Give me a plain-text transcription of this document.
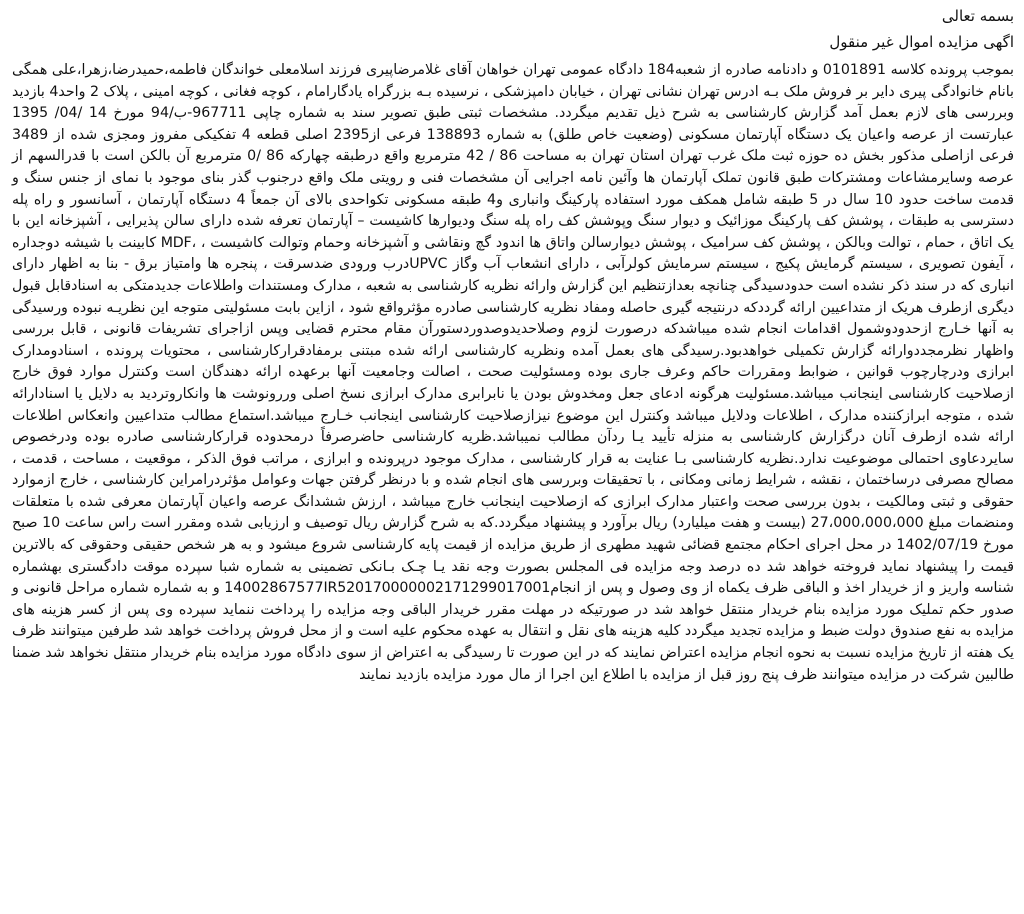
بسمه تعالی

اگهی مزایده اموال غیر منقول

بموجب پرونده کلاسه 0101891 و دادنامه صادره از شعبه184 دادگاه عمومی تهران خواهان آقای غلامرضاپیری فرزند اسلامعلی خواندگان فاطمه،حمیدرضا،زهرا،علی همگی بانام خانوادگی پیری دایر بر فروش ملک بـه ادرس تهران نشانی تهران ، خیابان دامپزشکی ، نرسیده بـه بزرگراه یادگارامام ، کوچه فغانی ، کوچه امینی ، پلاک 2 واحد4 بازدید وبررسی های لازم بعمل آمد گزارش کارشناسی به شرح ذیل تقدیم میگردد. مشخصات ثبتی طبق تصویر سند به شماره چاپی 967711-ب/94 مورخ 14 /04/ 1395 عبارتست از عرصه واعیان یک دستگاه آپارتمان مسکونی (وضعیت خاص طلق) به شماره 138893 فرعی از2395 اصلی قطعه 4 تفکیکی مفروز ومجزی شده از 3489 فرعی ازاصلی مذکور بخش ده حوزه ثبت ملک غرب تهران استان تهران به مساحت 86 / 42 مترمربع واقع درطبقه چهارکه 86 /0 مترمربع آن بالکن است با قدرالسهم از عرصه وسایرمشاعات ومشترکات طبق قانون تملک آپارتمان ها وآئین نامه اجرایی آن مشخصات فنی و رویتی ملک واقع درجنوب گذر بنای موجود با نمای از جنس سنگ و قدمت ساخت حدود 10 سال در 5 طبقه شامل همکف مورد استفاده پارکینگ وانباری و4 طبقه مسکونی تکواحدی بالای آن جمعاً 4 دستگاه آپارتمان ، آسانسور و راه پله دسترسی به طبقات ، پوشش کف پارکینگ موزائیک و دیوار سنگ وپوشش کف راه پله سنگ ودیوارها کاشیست – آپارتمان تعرفه شده دارای سالن پذیرایی ، آشپزخانه این با یک اتاق ، حمام ، توالت وبالکن ، پوشش کف سرامیک ، پوشش دیوارسالن واتاق ها اندود گچ ونقاشی و آشپزخانه وحمام وتوالت کاشیست ، ،MDF کابینت با شیشه دوجداره ، آیفون تصویری ، سیستم گرمایش پکیج ، سیستم سرمایش کولرآبی ، دارای انشعاب آب وگاز UPVCدرب ورودی ضدسرقت ، پنجره ها وامتیاز برق - بنا به اظهار دارای انباری که در سند ذکر نشده است حدودسیدگی چنانچه بعدازتنظیم این گزارش وارائه نظریه کارشناسی به شعبه ، مدارک ومستندات واطلاعات جدیدمتکی به اسنادقابل قبول دیگری ازطرف هریک از متداعیین ارائه گرددکه درنتیجه گیری حاصله ومفاد نظریه کارشناسی صادره مؤثرواقع شود ، ازاین بابت مسئولیتی متوجه این نظریـه نبوده ورسیدگی به آنها خـارج ازحدودوشمول اقدامات انجام شده میباشدکه درصورت لزوم وصلاحدیدوصدوردستورآن مقام محترم قضایی وپس ازاجرای تشریفات قانونی ، قابل بررسی واظهار نظرمجددوارائه گزارش تکمیلی خواهدبود.رسیدگی های بعمل آمده ونظریه کارشناسی ارائه شده مبتنی برمفادقرارکارشناسی ، محتویات پرونده ، اسنادومدارک ابرازی ودرچارچوب قوانین ، ضوابط ومقررات حاکم وعرف جاری بوده ومسئولیت صحت ، اصالت وجامعیت آنها برعهده ارائه دهندگان است وکنترل موارد فوق خارج ازصلاحیت کارشناسی اینجانب میباشد.مسئولیت هرگونه ادعای جعل ومخدوش بودن یا نابرابری مدارک ابرازی نسخ اصلی وررونوشت ها وانکاروتردید به دلایل یا اسنادارائه شده ، متوجه ابرازکننده مدارک ، اطلاعات ودلایل میباشد وکنترل این موضوع نیزازصلاحیت کارشناسی اینجانب خـارج میباشد.استماع مطالب متداعیین وانعکاس اطلاعات ارائه شده ازطرف آنان درگزارش کارشناسی به منزله تأیید یـا ردآن مطالب نمیباشد.ظریه کارشناسی حاضرصرفاً درمحدوده قرارکارشناسی صادره بوده ودرخصوص سایردعاوی احتمالی موضوعیت ندارد.نظریه کارشناسی بـا عنایت به قرار کارشناسی ، مدارک موجود درپرونده و ابرازی ، مراتب فوق الذکر ، موقعیت ، مساحت ، قدمت ، مصالح مصرفی درساختمان ، نقشه ، شرایط زمانی ومکانی ، با تحقیقات وبررسی های انجام شده و با درنظر گرفتن جهات وعوامل مؤثردرامراین کارشناسی ، خارج ازموارد حقوقی و ثبتی ومالکیت ، بدون بررسی صحت واعتبار مدارک ابرازی که ازصلاحیت اینجانب خارج میباشد ، ارزش ششدانگ عرصه واعیان آپارتمان معرفی شده با متعلقات ومنضمات مبلغ 27،000،000،000 (بیست و هفت میلیارد) ریال برآورد و پیشنهاد میگردد.که به شرح گزارش ریال توصیف و ارزیابی شده ومقرر است راس ساعت 10 صبح مورخ 1402/07/19 در محل اجرای احکام مجتمع قضائی شهید مطهری از طریق مزایده از قیمت پایه کارشناسی شروع میشود و به هر شخص حقیقی وحقوقی که بالاترین قیمت را پیشنهاد نماید فروخته خواهد شد ده درصد وجه مزایده فی المجلس بصورت وجه نقد یـا چـک بـانکی تضمینی به شماره شبا سپرده موقت دادگستری بهشماره شناسه واریز و از خریدار اخذ و الباقی ظرف یکماه از وی وصول و پس از انجام14002867577IR520170000002171299017001 و به شماره شماره مراحل قانونی و صدور حکم تملیک مورد مزایده بنام خریدار منتقل خواهد شد در صورتیکه در مهلت مقرر خریدار الباقی وجه مزایده را پرداخت ننماید سپرده وی پس از کسر هزینه های مزایده به نفع صندوق دولت ضبط و مزایده تجدید میگردد کلیه هزینه های نقل و انتقال به عهده محکوم علیه است و از محل فروش پرداخت خواهد شد طرفین میتوانند ظرف یک هفته از تاریخ مزایده نسبت به نحوه انجام مزایده اعتراض نمایند که در این صورت تا رسیدگی به اعتراض از سوی دادگاه مورد مزایده بنام خریدار منتقل نخواهد شد ضمنا طالبین شرکت در مزایده میتوانند ظرف پنج روز قبل از مزایده با اطلاع این اجرا از مال مورد مزایده بازدید نمایند
